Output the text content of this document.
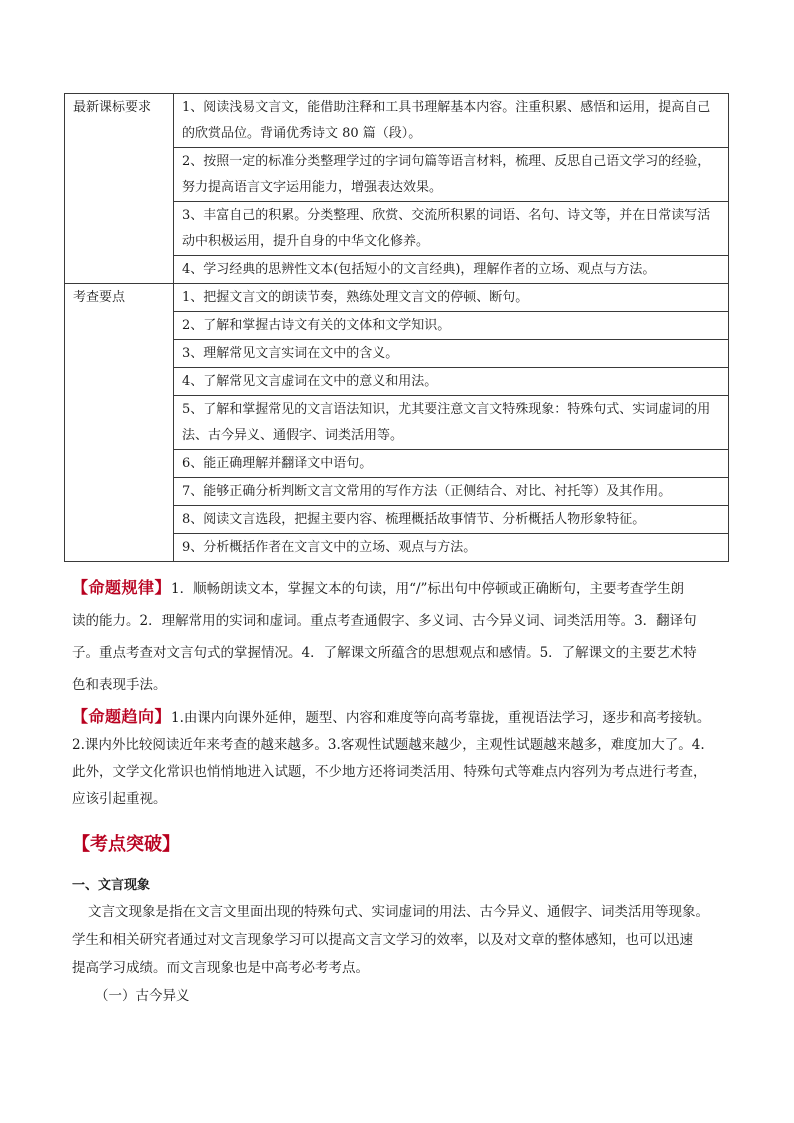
最新课标要求	1、阅读浅易文言文，能借助注释和工具书理解基本内容。注重积累、感悟和运用，提高自己的欣赏品位。背诵优秀诗文 80 篇（段）。
	2、按照一定的标准分类整理学过的字词句篇等语言材料，梳理、反思自己语文学习的经验，努力提高语言文字运用能力，增强表达效果。
	3、丰富自己的积累。分类整理、欣赏、交流所积累的词语、名句、诗文等，并在日常读写活动中积极运用，提升自身的中华文化修养。
	4、学习经典的思辨性文本(包括短小的文言经典)，理解作者的立场、观点与方法。
考查要点	1、把握文言文的朗读节奏，熟练处理文言文的停顿、断句。
	2、了解和掌握古诗文有关的文体和文学知识。
	3、理解常见文言实词在文中的含义。
	4、了解常见文言虚词在文中的意义和用法。
	5、了解和掌握常见的文言语法知识，尤其要注意文言文特殊现象：特殊句式、实词虚词的用法、古今异义、通假字、词类活用等。
	6、能正确理解并翻译文中语句。
	7、能够正确分析判断文言文常用的写作方法（正侧结合、对比、衬托等）及其作用。
	8、阅读文言选段，把握主要内容、梳理概括故事情节、分析概括人物形象特征。
	9、分析概括作者在文言文中的立场、观点与方法。
【命题规律】1．顺畅朗读文本，掌握文本的句读，用“/”标出句中停顿或正确断句，主要考查学生朗
读的能力。2．理解常用的实词和虚词。重点考查通假字、多义词、古今异义词、词类活用等。3．翻译句
子。重点考查对文言句式的掌握情况。4．了解课文所蕴含的思想观点和感情。5．了解课文的主要艺术特
色和表现手法。
【命题趋向】1.由课内向课外延伸，题型、内容和难度等向高考靠拢，重视语法学习，逐步和高考接轨。
2.课内外比较阅读近年来考查的越来越多。3.客观性试题越来越少，主观性试题越来越多，难度加大了。4.
此外，文学文化常识也悄悄地进入试题，不少地方还将词类活用、特殊句式等难点内容列为考点进行考查，
应该引起重视。
【考点突破】
一、文言现象
文言文现象是指在文言文里面出现的特殊句式、实词虚词的用法、古今异义、通假字、词类活用等现象。
学生和相关研究者通过对文言现象学习可以提高文言文学习的效率，以及对文章的整体感知，也可以迅速
提高学习成绩。而文言现象也是中高考必考考点。
（一）古今异义
